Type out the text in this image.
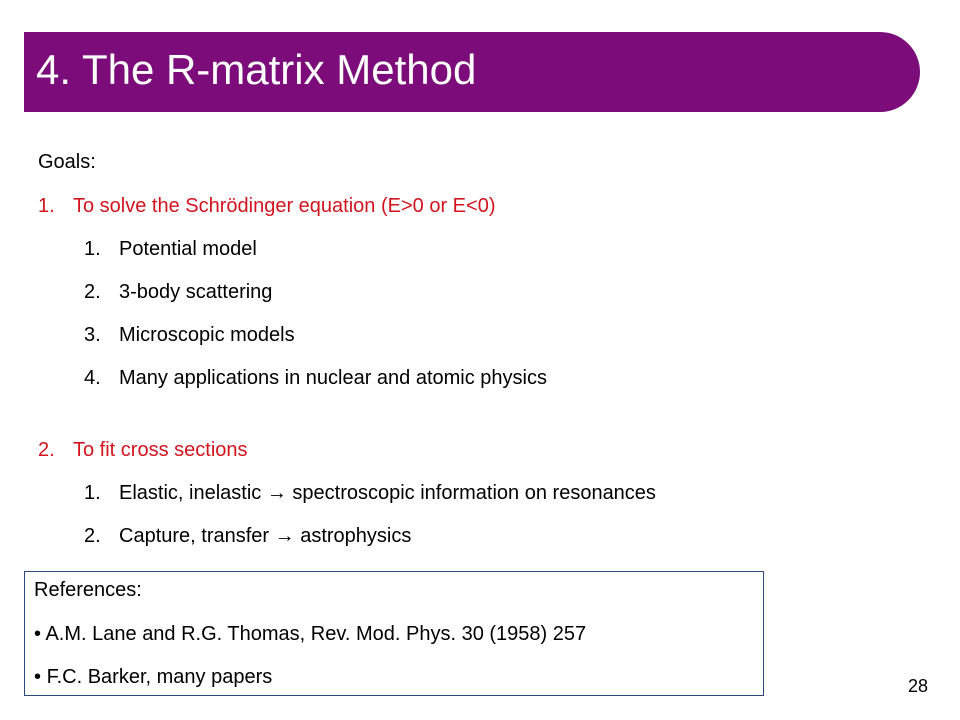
4. The R-matrix Method
Goals:
1. To solve the Schrödinger equation (E>0 or E<0)
1. Potential model
2. 3-body scattering
3. Microscopic models
4. Many applications in nuclear and atomic physics
2. To fit cross sections
1. Elastic, inelastic → spectroscopic information on resonances
2. Capture, transfer → astrophysics
References:
• A.M. Lane and R.G. Thomas, Rev. Mod. Phys. 30 (1958) 257
• F.C. Barker, many papers	28
